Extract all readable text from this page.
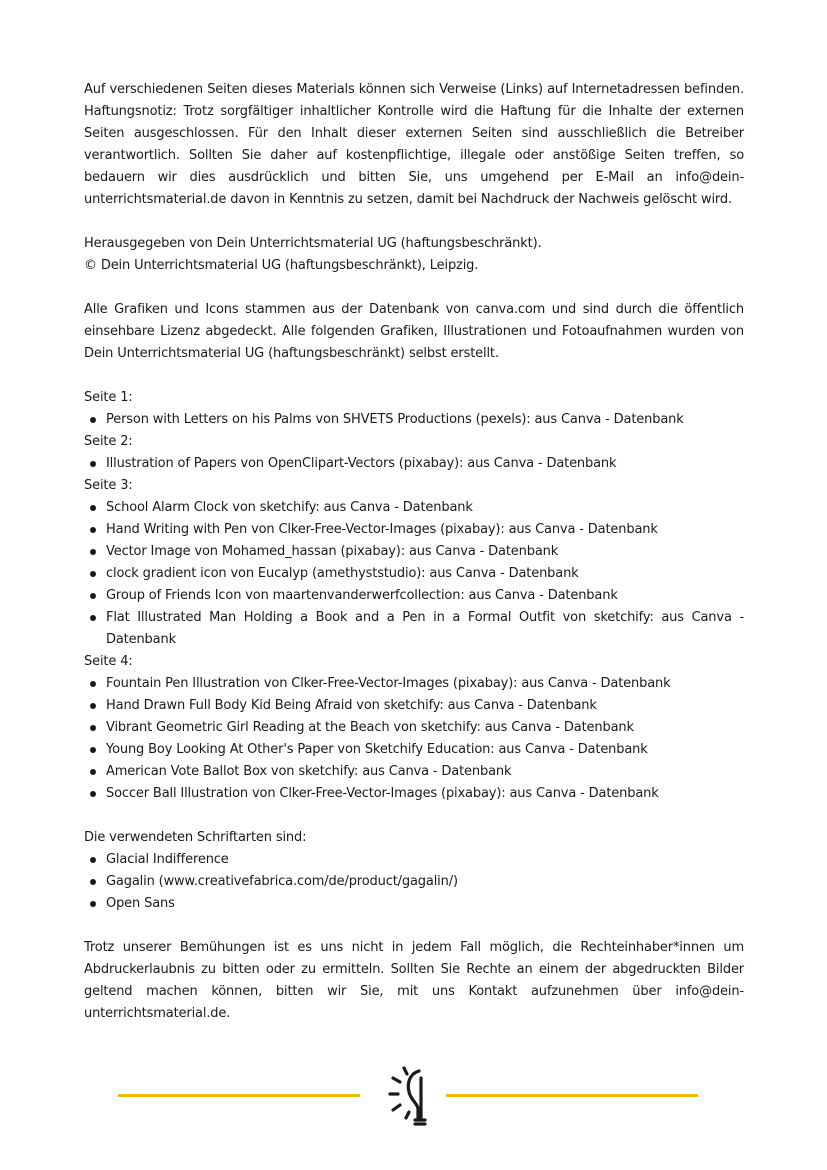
Auf verschiedenen Seiten dieses Materials können sich Verweise (Links) auf Internetadressen befinden. Haftungsnotiz: Trotz sorgfältiger inhaltlicher Kontrolle wird die Haftung für die Inhalte der externen Seiten ausgeschlossen. Für den Inhalt dieser externen Seiten sind ausschließlich die Betreiber verantwortlich. Sollten Sie daher auf kostenpflichtige, illegale oder anstößige Seiten treffen, so bedauern wir dies ausdrücklich und bitten Sie, uns umgehend per E-Mail an info@dein-unterrichtsmaterial.de davon in Kenntnis zu setzen, damit bei Nachdruck der Nachweis gelöscht wird.

Herausgegeben von Dein Unterrichtsmaterial UG (haftungsbeschränkt).

© Dein Unterrichtsmaterial UG (haftungsbeschränkt), Leipzig.

Alle Grafiken und Icons stammen aus der Datenbank von canva.com und sind durch die öffentlich einsehbare Lizenz abgedeckt. Alle folgenden Grafiken, Illustrationen und Fotoaufnahmen wurden von Dein Unterrichtsmaterial UG (haftungsbeschränkt) selbst erstellt.

Seite 1:

Person with Letters on his Palms von SHVETS Productions (pexels): aus Canva - Datenbank

Seite 2:

Illustration of Papers von OpenClipart-Vectors (pixabay): aus Canva - Datenbank

Seite 3:

School Alarm Clock von sketchify: aus Canva - Datenbank
Hand Writing with Pen von Clker-Free-Vector-Images (pixabay): aus Canva - Datenbank
Vector Image von Mohamed_hassan (pixabay): aus Canva - Datenbank
clock gradient icon von Eucalyp (amethyststudio): aus Canva - Datenbank
Group of Friends Icon von maartenvanderwerfcollection: aus Canva - Datenbank
Flat Illustrated Man Holding a Book and a Pen in a Formal Outfit von sketchify: aus Canva - Datenbank

Seite 4:

Fountain Pen Illustration von Clker-Free-Vector-Images (pixabay): aus Canva - Datenbank
Hand Drawn Full Body Kid Being Afraid von sketchify: aus Canva - Datenbank
Vibrant Geometric Girl Reading at the Beach von sketchify: aus Canva - Datenbank
Young Boy Looking At Other's Paper von Sketchify Education: aus Canva - Datenbank
American Vote Ballot Box von sketchify: aus Canva - Datenbank
Soccer Ball Illustration von Clker-Free-Vector-Images (pixabay): aus Canva - Datenbank

Die verwendeten Schriftarten sind:

Glacial Indifference
Gagalin (www.creativefabrica.com/de/product/gagalin/)
Open Sans

Trotz unserer Bemühungen ist es uns nicht in jedem Fall möglich, die Rechteinhaber*innen um Abdruckerlaubnis zu bitten oder zu ermitteln. Sollten Sie Rechte an einem der abgedruckten Bilder geltend machen können, bitten wir Sie, mit uns Kontakt aufzunehmen über info@dein-unterrichtsmaterial.de.
